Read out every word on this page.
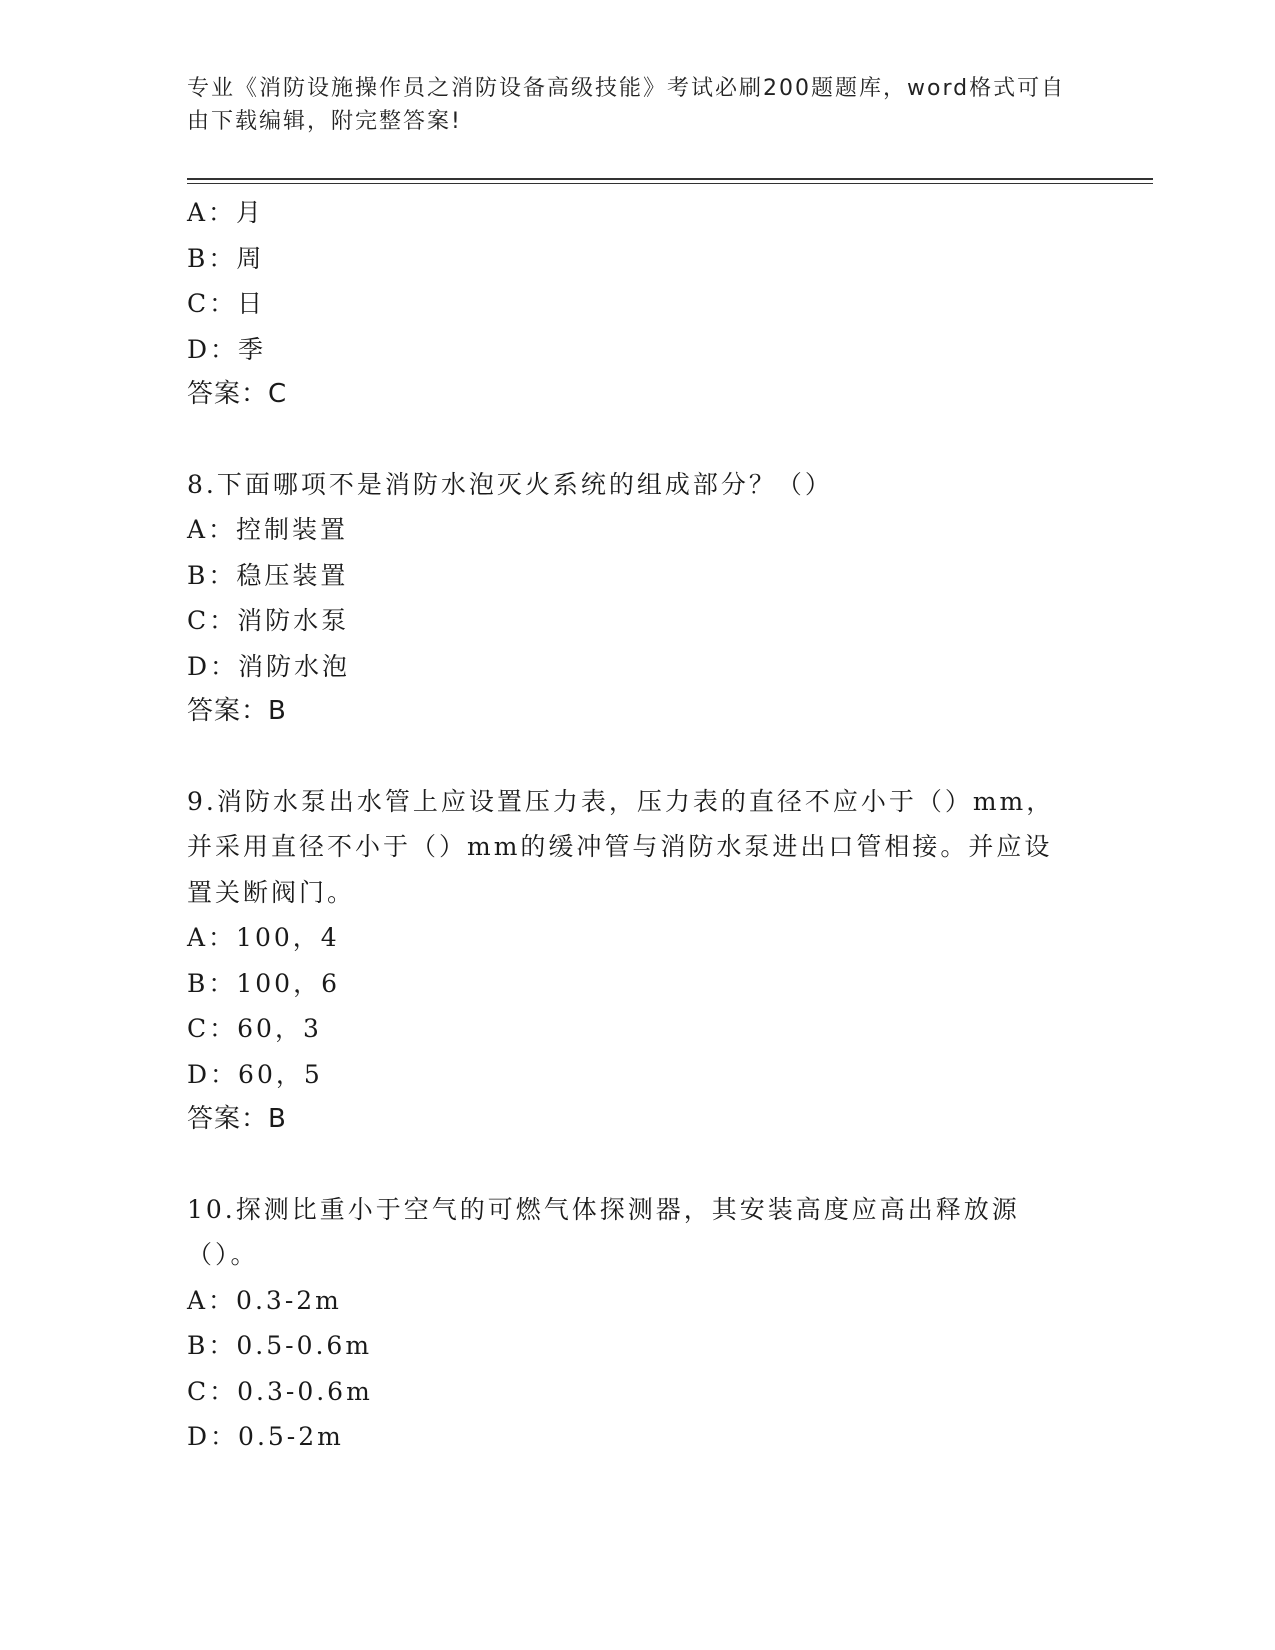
专业《消防设施操作员之消防设备高级技能》考试必刷200题题库，word格式可自由下载编辑，附完整答案!
A：月
B：周
C：日
D：季
答案：C
8.下面哪项不是消防水泡灭火系统的组成部分？（）
A：控制装置
B：稳压装置
C：消防水泵
D：消防水泡
答案：B
9.消防水泵出水管上应设置压力表，压力表的直径不应小于（）mm，并采用直径不小于（）mm的缓冲管与消防水泵进出口管相接。并应设置关断阀门。
A：100，4
B：100，6
C：60，3
D：60，5
答案：B
10.探测比重小于空气的可燃气体探测器，其安装高度应高出释放源（）。
A：0.3-2m
B：0.5-0.6m
C：0.3-0.6m
D：0.5-2m
